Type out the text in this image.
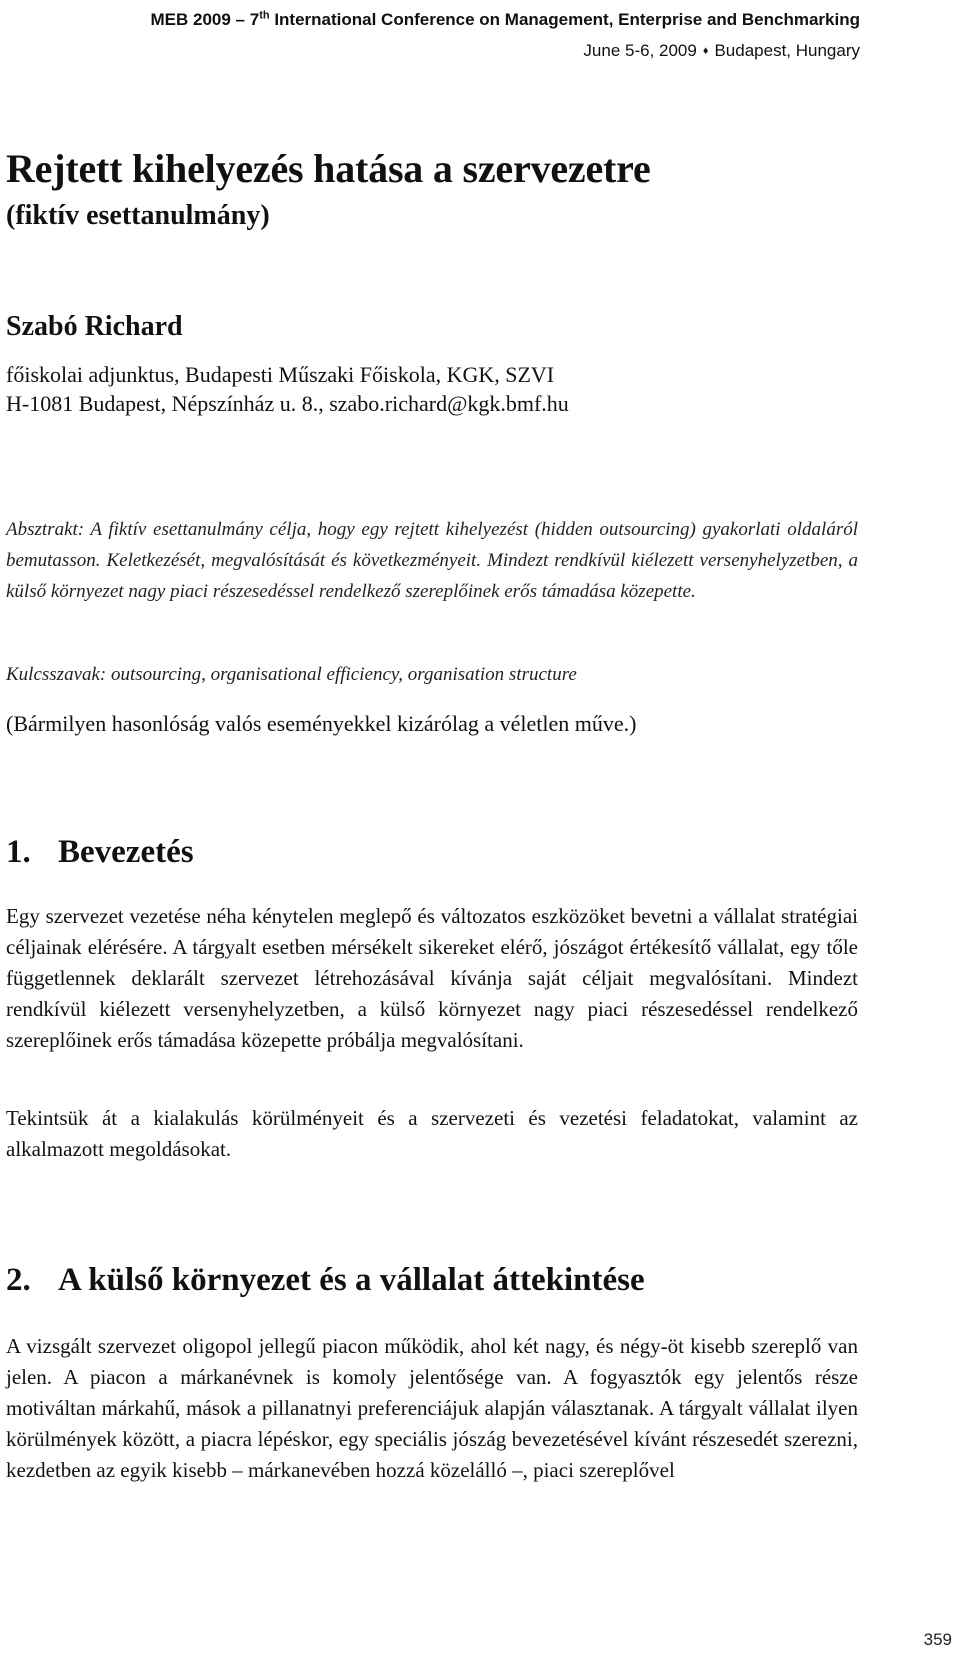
MEB 2009 – 7th International Conference on Management, Enterprise and Benchmarking
June 5-6, 2009 ♦ Budapest, Hungary
Rejtett kihelyezés hatása a szervezetre
(fiktív esettanulmány)
Szabó Richard
főiskolai adjunktus, Budapesti Műszaki Főiskola, KGK, SZVI
H-1081 Budapest, Népszínház u. 8., szabo.richard@kgk.bmf.hu
Absztrakt: A fiktív esettanulmány célja, hogy egy rejtett kihelyezést (hidden outsourcing) gyakorlati oldaláról bemutasson. Keletkezését, megvalósítását és következményeit. Mindezt rendkívül kiélezett versenyhelyzetben, a külső környezet nagy piaci részesedéssel rendelkező szereplőinek erős támadása közepette.
Kulcsszavak: outsourcing, organisational efficiency, organisation structure
(Bármilyen hasonlóság valós eseményekkel kizárólag a véletlen műve.)
1. Bevezetés

Egy szervezet vezetése néha kénytelen meglepő és változatos eszközöket bevetni a vállalat stratégiai céljainak elérésére. A tárgyalt esetben mérsékelt sikereket elérő, jószágot értékesítő vállalat, egy tőle függetlennek deklarált szervezet létrehozásával kívánja saját céljait megvalósítani. Mindezt rendkívül kiélezett versenyhelyzetben, a külső környezet nagy piaci részesedéssel rendelkező szereplőinek erős támadása közepette próbálja megvalósítani.

Tekintsük át a kialakulás körülményeit és a szervezeti és vezetési feladatokat, valamint az alkalmazott megoldásokat.

2. A külső környezet és a vállalat áttekintése

A vizsgált szervezet oligopol jellegű piacon működik, ahol két nagy, és négy-öt kisebb szereplő van jelen. A piacon a márkanévnek is komoly jelentősége van. A fogyasztók egy jelentős része motiváltan márkahű, mások a pillanatnyi preferenciájuk alapján választanak. A tárgyalt vállalat ilyen körülmények között, a piacra lépéskor, egy speciális jószág bevezetésével kívánt részesedét szerezni, kezdetben az egyik kisebb – márkanevében hozzá közelálló –, piaci szereplővel

359
